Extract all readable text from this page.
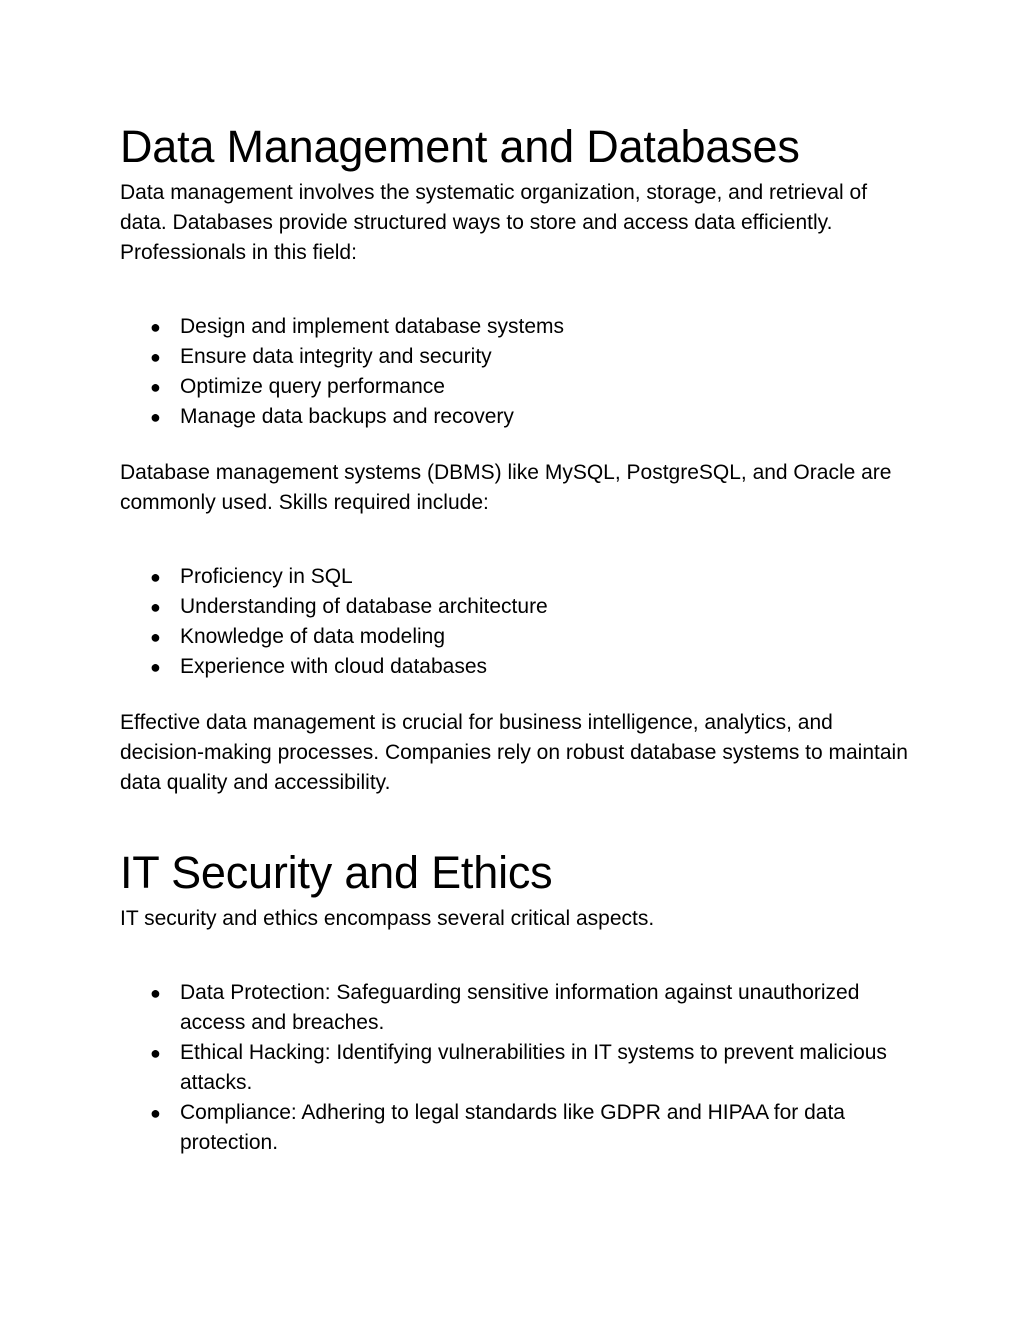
Data Management and Databases

Data management involves the systematic organization, storage, and retrieval of data. Databases provide structured ways to store and access data efficiently. Professionals in this field:

● Design and implement database systems
● Ensure data integrity and security
● Optimize query performance
● Manage data backups and recovery

Database management systems (DBMS) like MySQL, PostgreSQL, and Oracle are commonly used. Skills required include:

● Proficiency in SQL
● Understanding of database architecture
● Knowledge of data modeling
● Experience with cloud databases

Effective data management is crucial for business intelligence, analytics, and decision-making processes. Companies rely on robust database systems to maintain data quality and accessibility.

IT Security and Ethics

IT security and ethics encompass several critical aspects.

● Data Protection: Safeguarding sensitive information against unauthorized access and breaches.
● Ethical Hacking: Identifying vulnerabilities in IT systems to prevent malicious attacks.
● Compliance: Adhering to legal standards like GDPR and HIPAA for data protection.
